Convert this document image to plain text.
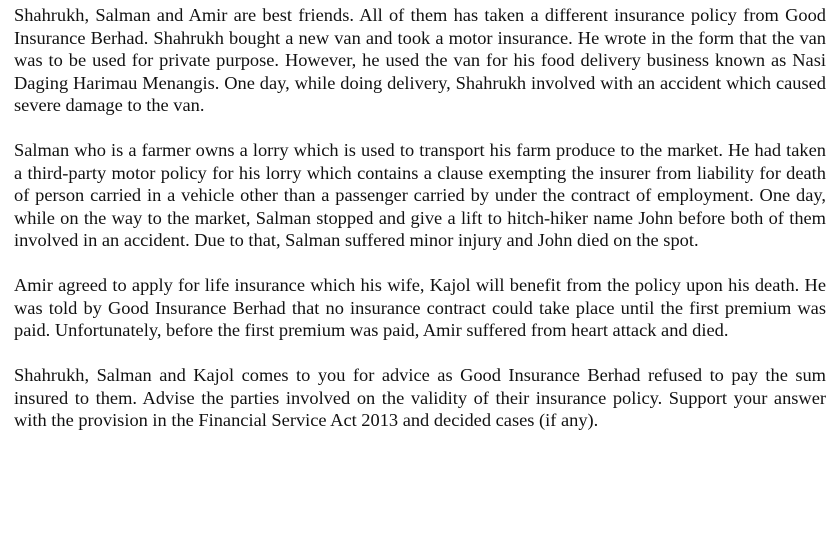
Shahrukh, Salman and Amir are best friends. All of them has taken a different insurance policy from Good Insurance Berhad. Shahrukh bought a new van and took a motor insurance. He wrote in the form that the van was to be used for private purpose. However, he used the van for his food delivery business known as Nasi Daging Harimau Menangis. One day, while doing delivery, Shahrukh involved with an accident which caused severe damage to the van.

Salman who is a farmer owns a lorry which is used to transport his farm produce to the market. He had taken a third-party motor policy for his lorry which contains a clause exempting the insurer from liability for death of person carried in a vehicle other than a passenger carried by under the contract of employment. One day, while on the way to the market, Salman stopped and give a lift to hitch-hiker name John before both of them involved in an accident. Due to that, Salman suffered minor injury and John died on the spot.

Amir agreed to apply for life insurance which his wife, Kajol will benefit from the policy upon his death. He was told by Good Insurance Berhad that no insurance contract could take place until the first premium was paid. Unfortunately, before the first premium was paid, Amir suffered from heart attack and died.

Shahrukh, Salman and Kajol comes to you for advice as Good Insurance Berhad refused to pay the sum insured to them. Advise the parties involved on the validity of their insurance policy. Support your answer with the provision in the Financial Service Act 2013 and decided cases (if any).
